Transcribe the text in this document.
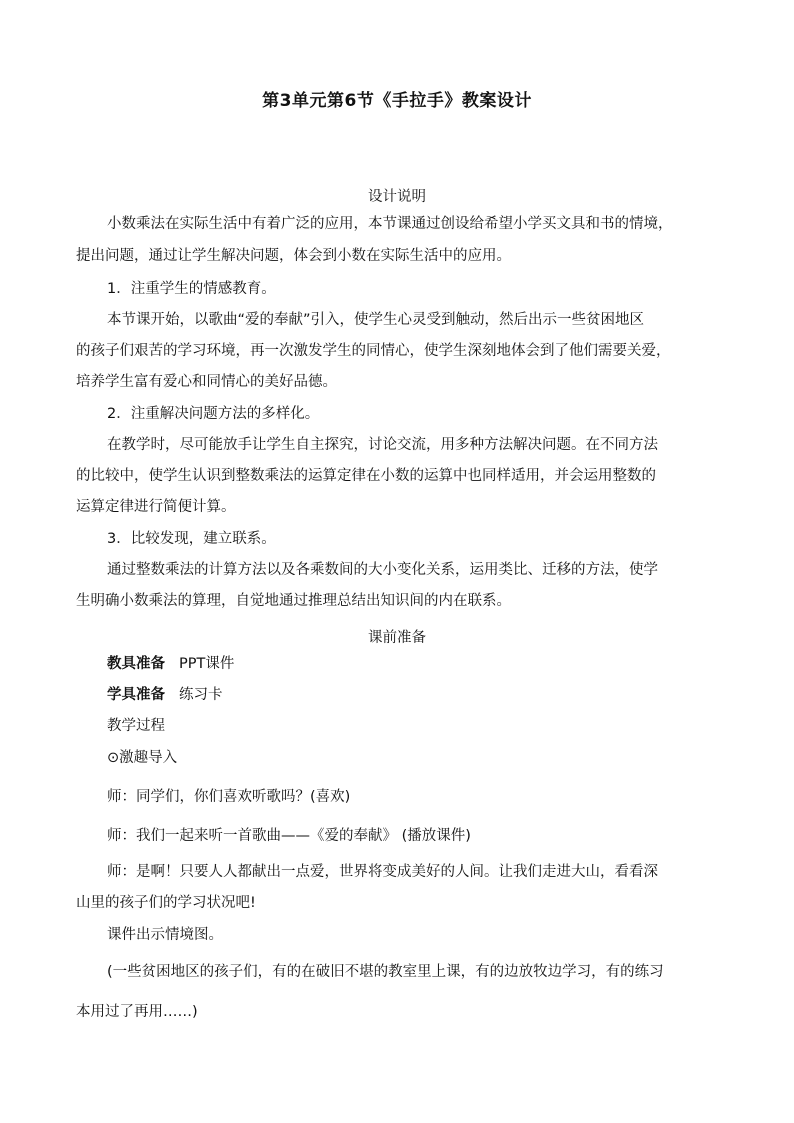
第3单元第6节《手拉手》教案设计
设计说明
小数乘法在实际生活中有着广泛的应用，本节课通过创设给希望小学买文具和书的情境，
提出问题，通过让学生解决问题，体会到小数在实际生活中的应用。
1．注重学生的情感教育。
本节课开始，以歌曲“爱的奉献”引入，使学生心灵受到触动，然后出示一些贫困地区
的孩子们艰苦的学习环境，再一次激发学生的同情心，使学生深刻地体会到了他们需要关爱，
培养学生富有爱心和同情心的美好品德。
2．注重解决问题方法的多样化。
在教学时，尽可能放手让学生自主探究，讨论交流，用多种方法解决问题。在不同方法
的比较中，使学生认识到整数乘法的运算定律在小数的运算中也同样适用，并会运用整数的
运算定律进行简便计算。
3．比较发现，建立联系。
通过整数乘法的计算方法以及各乘数间的大小变化关系，运用类比、迁移的方法，使学
生明确小数乘法的算理，自觉地通过推理总结出知识间的内在联系。
课前准备
教具准备 PPT课件
学具准备 练习卡
教学过程
⊙激趣导入
师：同学们，你们喜欢听歌吗？(喜欢)
师：我们一起来听一首歌曲——《爱的奉献》 (播放课件)
师：是啊！只要人人都献出一点爱，世界将变成美好的人间。让我们走进大山，看看深
山里的孩子们的学习状况吧!
课件出示情境图。
(一些贫困地区的孩子们，有的在破旧不堪的教室里上课，有的边放牧边学习，有的练习
本用过了再用……)
